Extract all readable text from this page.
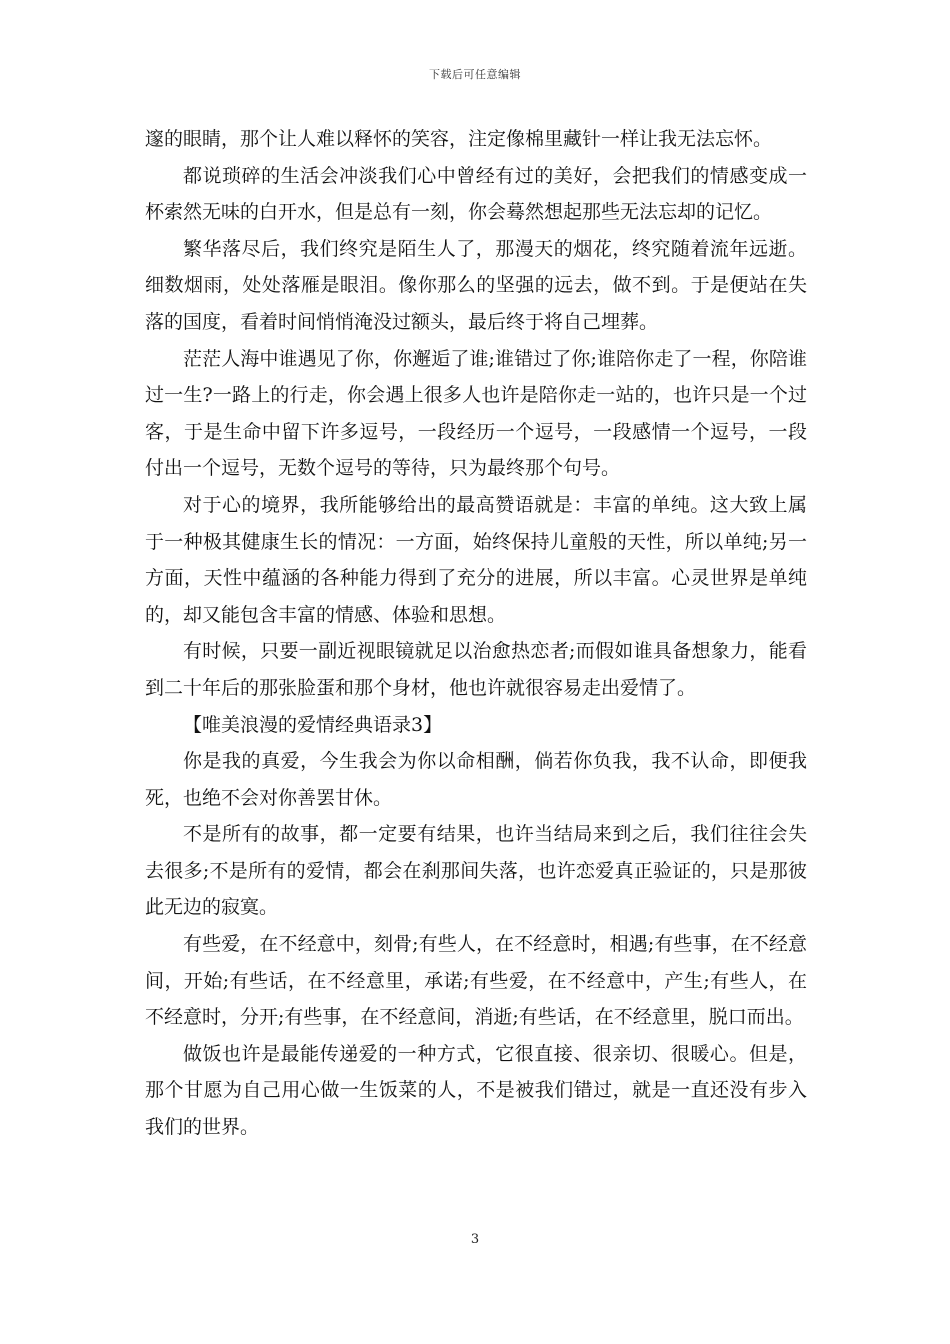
下载后可任意编辑

邃的眼睛，那个让人难以释怀的笑容，注定像棉里藏针一样让我无法忘怀。

都说琐碎的生活会冲淡我们心中曾经有过的美好，会把我们的情感变成一杯索然无味的白开水，但是总有一刻，你会蓦然想起那些无法忘却的记忆。

繁华落尽后，我们终究是陌生人了，那漫天的烟花，终究随着流年远逝。细数烟雨，处处落雁是眼泪。像你那么的坚强的远去，做不到。于是便站在失落的国度，看着时间悄悄淹没过额头，最后终于将自己埋葬。

茫茫人海中谁遇见了你，你邂逅了谁;谁错过了你;谁陪你走了一程，你陪谁过一生?一路上的行走，你会遇上很多人也许是陪你走一站的，也许只是一个过客，于是生命中留下许多逗号，一段经历一个逗号，一段感情一个逗号，一段付出一个逗号，无数个逗号的等待，只为最终那个句号。

对于心的境界，我所能够给出的最高赞语就是：丰富的单纯。这大致上属于一种极其健康生长的情况：一方面，始终保持儿童般的天性，所以单纯;另一方面，天性中蕴涵的各种能力得到了充分的进展，所以丰富。心灵世界是单纯的，却又能包含丰富的情感、体验和思想。

有时候，只要一副近视眼镜就足以治愈热恋者;而假如谁具备想象力，能看到二十年后的那张脸蛋和那个身材，他也许就很容易走出爱情了。

【唯美浪漫的爱情经典语录3】

你是我的真爱，今生我会为你以命相酬，倘若你负我，我不认命，即便我死，也绝不会对你善罢甘休。

不是所有的故事，都一定要有结果，也许当结局来到之后，我们往往会失去很多;不是所有的爱情，都会在刹那间失落，也许恋爱真正验证的，只是那彼此无边的寂寞。

有些爱，在不经意中，刻骨;有些人，在不经意时，相遇;有些事，在不经意间，开始;有些话，在不经意里，承诺;有些爱，在不经意中，产生;有些人，在不经意时，分开;有些事，在不经意间，消逝;有些话，在不经意里，脱口而出。

做饭也许是最能传递爱的一种方式，它很直接、很亲切、很暖心。但是，那个甘愿为自己用心做一生饭菜的人，不是被我们错过，就是一直还没有步入我们的世界。

3
